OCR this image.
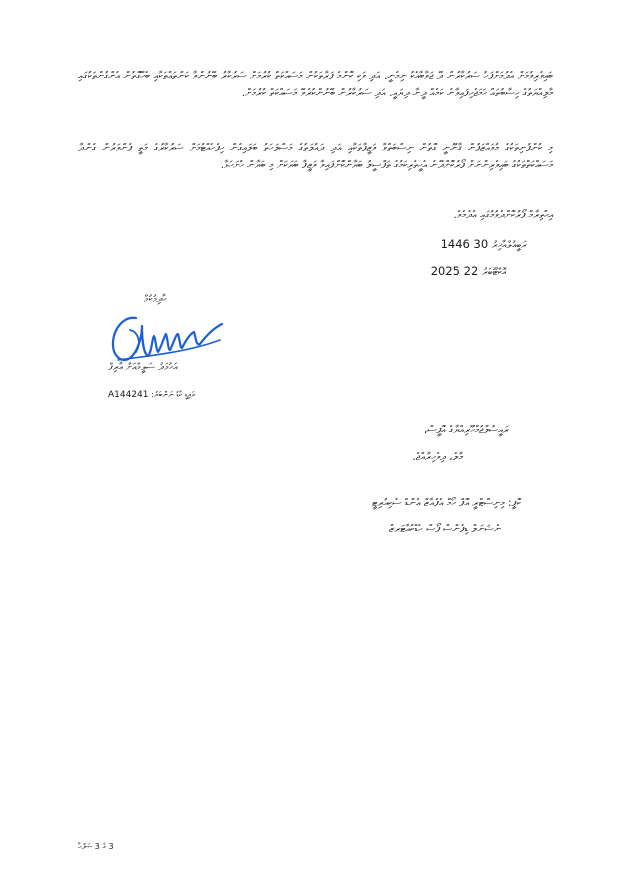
ބައިވެރިވުމަށް އެދުމަށްފަހު ސަރުކާރުން ދޭ ޖަވާބާއެކު ނިމެނީ. އަދި ވަކި ކޮންމެ ފަރާތަކުން މަސައްކަތް ކުރުމަށް ސަރުކާރު ބޭނުންވާ ކަންތައްތަކާއި ބެހޭގޮތުން އެންގުންތަކުގައި މާލިއްޔަތުގެ ހިސާބުތައް ހަމަޖެހިފައިވާނެ ކަމެއް ދީނާ ދިޔައީ. އަދި ސަރުކާރުން ބޭނުންކުރެވޭ މަސައްކަތް ކުރުމަށް.
މި ކުންފުނިތަކުގެ މުވައްޒަފުން ޤާނޫނީ ގޮތުން ނިސްބަތްވާ ވަޒީފާތަކާއި އަދި ދައުލަތުގެ މަސްލަހަތު ބަލައިގެން ހިފެހެއްޓުމަށް ސަރުކާރުގެ މަތީ ފެންވަރުން ގެންދާ މަސައްކަތްތަކުގެ ބައިވެރިންނަށް ފޯރުކޮށްދޭނެ އެހީތެރިކަމުގެ ތަފްސީލު ބަޔާންކޮށްފައިވާ ވަޒީފާ ބަޔަކަށް މި ބަޔާން ހުށަހަޅާ.
އިޙްތިރާމް ފޯރުކޮށްދެވުމުގައި އެދެމެވެ.
1446 ރަބީޢުލްއާޚިރު 30
2025 އޮކްޓޫބަރު 22
ހާދިމުކުމް
އަހުމަދު ސަލީމްއަށް ޢާރިފް
A144241 އައިޑީ ކާޑު ނަންބަރު:
ރައީސުލްޖުމްހޫރިއްޔާގެ އޮފީސް،
މާލެ، ދިވެހިރާއްޖެ.
ކޮޕީ: މިނިސްޓްރީ އޮފް ހޯމް އެފެއާޒް އެންޑް ސެކިއުރިޓީ
ނެޝަނަލް ޑިފެންސް ފޯސް ހެޑްކުއާޓަރޒް
3 ގެ 3 ޞަފްޙާ
